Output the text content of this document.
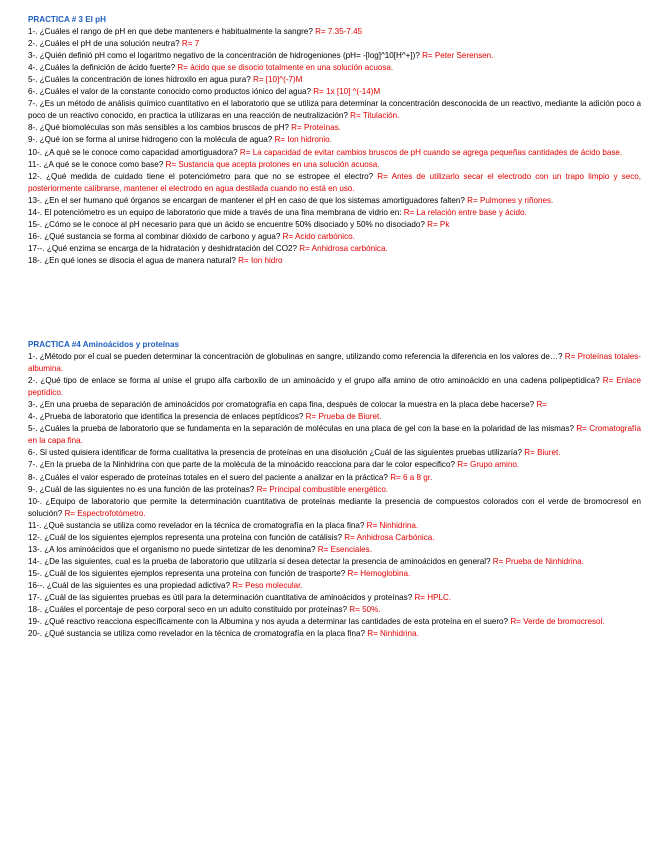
PRACTICA # 3 El pH
1-. ¿Cuáles el rango de pH en que debe manteners e habitualmente la sangre? R= 7.35-7.45
2-. ¿Cuáles el pH de una solución neutra? R= 7
3-. ¿Quién definió pH como el logaritmo negativo de la concentración de hidrogeniones (pH= -[log]^10[H^+])? R= Peter Serensen.
4-. ¿Cuáles la definición de ácido fuerte? R= ácido que se disocio totalmente en una solución acuosa.
5-. ¿Cuáles la concentración de iones hidroxilo en agua pura? R= [10]^(-7)M
6-. ¿Cuáles el valor de la constante conocido como productos iónico del agua? R= 1x [10] ^(-14)M
7-. ¿Es un método de análisis químico cuantitativo en el laboratorio que se utiliza para determinar la concentración desconocida de un reactivo, mediante la adición poco a poco de un reactivo conocido, en practica la utilizaras en una reacción de neutralización? R= Titulación.
8-. ¿Qué biomoléculas son más sensibles a los cambios bruscos de pH? R= Proteínas.
9-. ¿Qué ion se forma al unirse hidrogeno con la molécula de agua? R= Ion hidronio.
10-. ¿A qué se le conoce como capacidad amortiguadora? R= La capacidad de evitar cambios bruscos de pH cuando se agrega pequeñas cantidades de ácido base.
11-. ¿A qué se le conoce como base? R= Sustancia que acepta protones en una solución acuosa.
12-. ¿Qué medida de cuidado tiene el potenciómetro para que no se estropee el electro? R= Antes de utilizarlo secar el electrodo con un trapo limpio y seco, posteriormente calibrarse, mantener el electrodo en agua destilada cuando no está en uso.
13-. ¿En el ser humano qué órganos se encargan de mantener el pH en caso de que los sistemas amortiguadores falten? R= Pulmones y riñones.
14-. El potenciómetro es un equipo de laboratorio que mide a través de una fina membrana de vidrio en: R= La relación entre base y ácido.
15-. ¿Cómo se le conoce al pH necesario para que un ácido se encuentre 50% disociado y 50% no disociado? R= Pk
16-. ¿Qué sustancia se forma al combinar dióxido de carbono y agua? R= Acido carbónico.
17--. ¿Qué enzima se encarga de la hidratación y deshidratación del CO2? R= Anhidrosa carbónica.
18-. ¿En qué iones se disocia el agua de manera natural? R= Ion hidro
PRACTICA #4 Aminoácidos y proteínas
1-. ¿Método por el cual se pueden determinar la concentración de globulinas en sangre, utilizando como referencia la diferencia en los valores de…? R= Proteínas totales- albumina.
2-. ¿Qué tipo de enlace se forma al unise el grupo alfa carboxilo de un aminoácido y el grupo alfa amino de otro aminoácido en una cadena polipeptídica? R= Enlace peptídico.
3-. ¿En una prueba de separación de aminoácidos por cromatografía en capa fina, después de colocar la muestra en la placa debe hacerse? R=
4-. ¿Prueba de laboratorio que identifica la presencia de enlaces peptídicos? R= Prueba de Biuret.
5-. ¿Cuáles la prueba de laboratorio que se fundamenta en la separación de moléculas en una placa de gel con la base en la polaridad de las mismas? R= Cromatografía en la capa fina.
6-. Si usted quisiera identificar de forma cualitativa la presencia de proteínas en una disolución ¿Cuál de las siguientes pruebas utilizaría? R= Biuret.
7-. ¿En la prueba de la Ninhidrina con que parte de la molécula de la minoácido reacciona para dar le color especifico? R= Grupo amino.
8-. ¿Cuáles el valor esperado de proteínas totales en el suero del paciente a analizar en la práctica? R= 6 a 8 gr.
9-. ¿Cuál de las siguientes no es una función de las proteínas? R= Principal combustible energético.
10-. ¿Equipo de laboratorio que permite la determinación cuantitativa de proteínas mediante la presencia de compuestos colorados con el verde de bromocresol en solución? R= Espectrofotómetro.
11-. ¿Qué sustancia se utiliza como revelador en la técnica de cromatografía en la placa fina? R= Ninhidrina.
12-. ¿Cuál de los siguientes ejemplos representa una proteína con función de catálisis? R= Anhidrosa Carbónica.
13-. ¿A los aminoácidos que el organismo no puede sintetizar de les denomina? R= Esenciales.
14-. ¿De las siguientes, cual es la prueba de laboratorio que utilizaría si desea detectar la presencia de aminoácidos en general? R= Prueba de Ninhidrina.
15-. ¿Cuál de los siguientes ejemplos representa una proteína con función de trasporte? R= Hemoglobina.
16--. ¿Cuál de las siguientes es una propiedad adictiva? R= Peso molecular.
17-. ¿Cuál de las siguientes pruebas es útil para la determinación cuantitativa de aminoácidos y proteínas? R= HPLC.
18-. ¿Cuáles el porcentaje de peso corporal seco en un adulto constituido por proteínas? R= 50%.
19-. ¿Qué reactivo reacciona específicamente con la Albumina y nos ayuda a determinar las cantidades de esta proteína en el suero? R= Verde de bromocresol.
20-. ¿Qué sustancia se utiliza como revelador en la técnica de cromatografía en la placa fina? R= Ninhidrina.
